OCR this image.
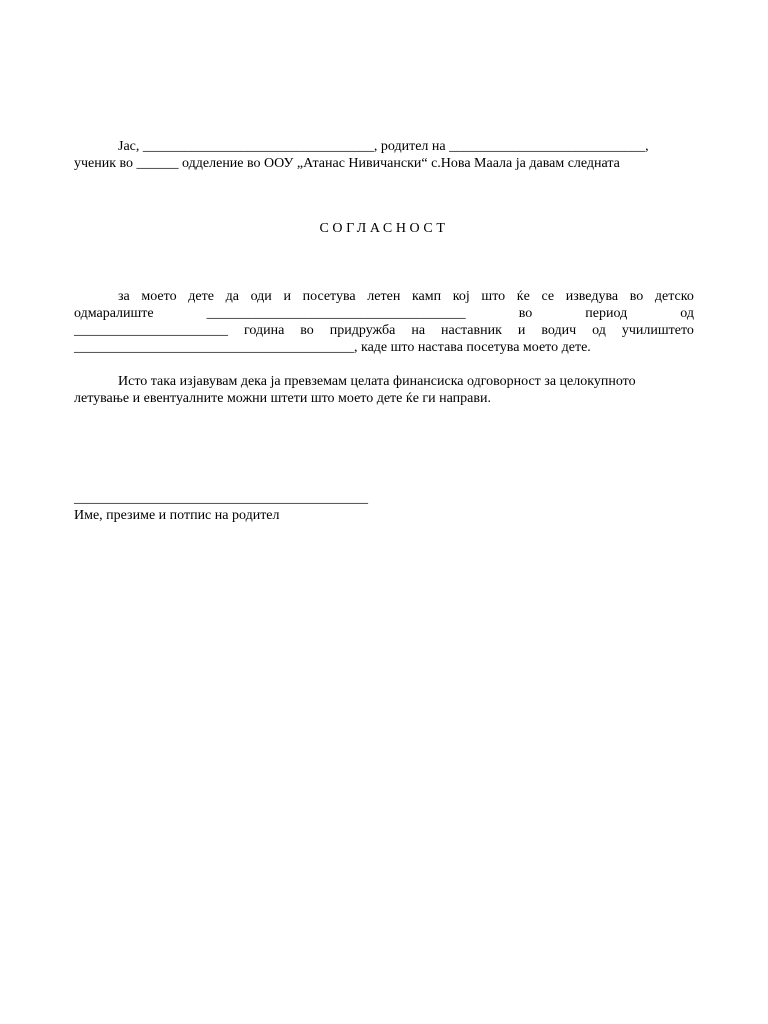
Јас, _________________________________, родител на ____________________________,
ученик во ______ одделение во ООУ „Атанас Нивичански“ с.Нова Маала ја давам следната
СОГЛАСНОСТ
за моето дете да оди и посетува летен камп кој што ќе се изведува во детско
одмаралиште	_____________________________________	во	период	од
______________________ година во придружба на наставник и водич од училиштето
________________________________________, каде што настава посетува моето дете.
Исто така изјавувам дека ја превземам целата финансиска одговорност за целокупното
летување и евентуалните можни штети што моето дете ќе ги направи.
__________________________________________
Име, презиме и потпис на родител
